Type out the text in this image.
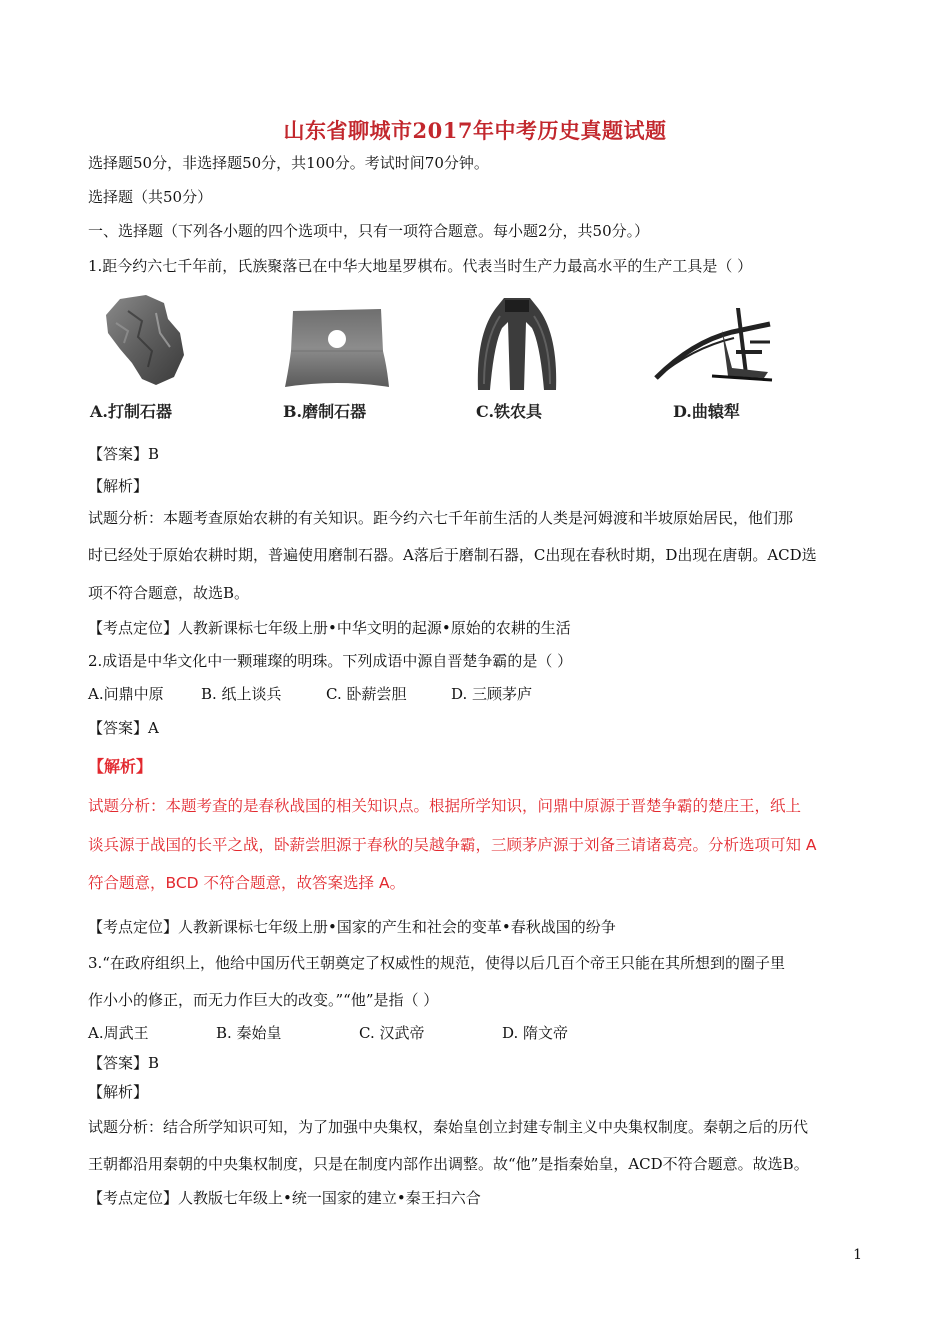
山东省聊城市2017年中考历史真题试题
选择题50分，非选择题50分，共100分。考试时间70分钟。
选择题（共50分）
一、选择题（下列各小题的四个选项中，只有一项符合题意。每小题2分，共50分。）
1.距今约六七千年前，氏族聚落已在中华大地星罗棋布。代表当时生产力最高水平的生产工具是（ ）
A.打制石器	B.磨制石器	C.铁农具	D.曲辕犁
【答案】B
【解析】
试题分析：本题考查原始农耕的有关知识。距今约六七千年前生活的人类是河姆渡和半坡原始居民，他们那
时已经处于原始农耕时期，普遍使用磨制石器。A落后于磨制石器，C出现在春秋时期，D出现在唐朝。ACD选
项不符合题意，故选B。
【考点定位】人教新课标七年级上册•中华文明的起源•原始的农耕的生活
2.成语是中华文化中一颗璀璨的明珠。下列成语中源自晋楚争霸的是（ ）
A.问鼎中原 B. 纸上谈兵	C. 卧薪尝胆	D. 三顾茅庐
【答案】A
【解析】
试题分析：本题考查的是春秋战国的相关知识点。根据所学知识，问鼎中原源于晋楚争霸的楚庄王，纸上
谈兵源于战国的长平之战，卧薪尝胆源于春秋的吴越争霸，三顾茅庐源于刘备三请诸葛亮。分析选项可知 A
符合题意，BCD 不符合题意，故答案选择 A。
【考点定位】人教新课标七年级上册•国家的产生和社会的变革•春秋战国的纷争
3.“在政府组织上，他给中国历代王朝奠定了权威性的规范，使得以后几百个帝王只能在其所想到的圈子里
作小小的修正，而无力作巨大的改变。”“他”是指（ ）
A.周武王	B. 秦始皇	C. 汉武帝	D. 隋文帝
【答案】B
【解析】
试题分析：结合所学知识可知，为了加强中央集权，秦始皇创立封建专制主义中央集权制度。秦朝之后的历代
王朝都沿用秦朝的中央集权制度，只是在制度内部作出调整。故“他”是指秦始皇，ACD不符合题意。故选B。
【考点定位】人教版七年级上•统一国家的建立•秦王扫六合
1
